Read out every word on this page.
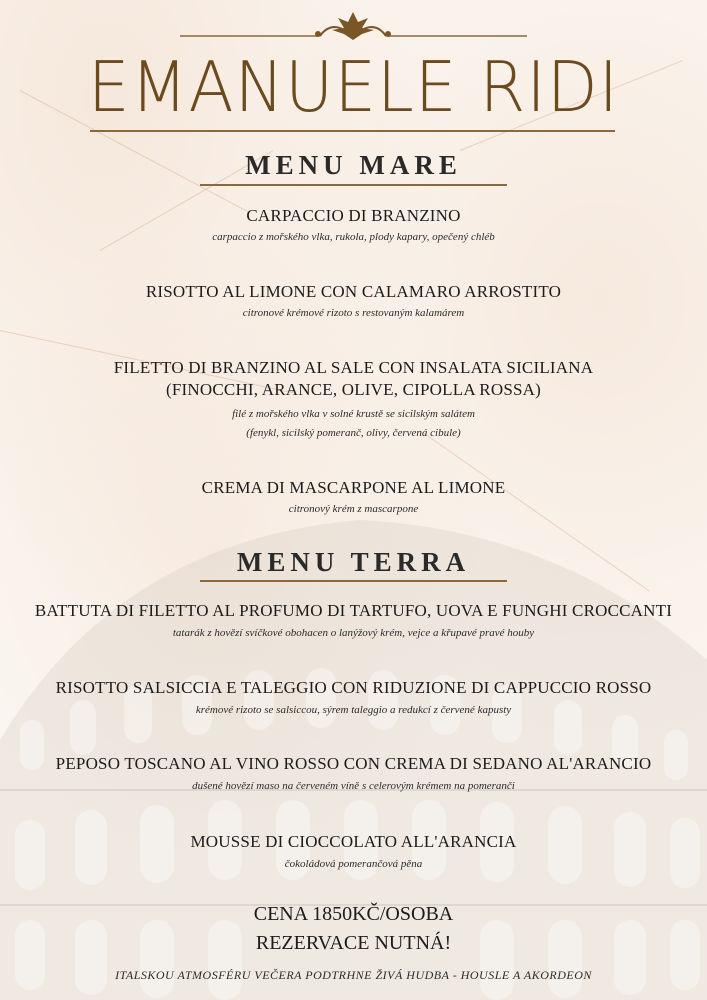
EMANUELE RIDI
MENU MARE
CARPACCIO DI BRANZINO
carpaccio z mořského vlka, rukola, plody kapary, opečený chléb
RISOTTO AL LIMONE CON CALAMARO ARROSTITO
citronové krémové rizoto s restovaným kalamárem
FILETTO DI BRANZINO AL SALE CON INSALATA SICILIANA
(FINOCCHI, ARANCE, OLIVE, CIPOLLA ROSSA)
filé z mořského vlka v solné krustě se sicilským salátem
(fenykl, sicilský pomeranč, olivy, červená cibule)
CREMA DI MASCARPONE AL LIMONE
citronový krém z mascarpone
MENU TERRA
BATTUTA DI FILETTO AL PROFUMO DI TARTUFO, UOVA E FUNGHI CROCCANTI
tatarák z hovězí svíčkové obohacen o lanýžový krém, vejce a křupavé pravé houby
RISOTTO SALSICCIA E TALEGGIO CON RIDUZIONE DI CAPPUCCIO ROSSO
krémové rizoto se salsiccou, sýrem taleggio a redukcí z červené kapusty
PEPOSO TOSCANO AL VINO ROSSO CON CREMA DI SEDANO AL'ARANCIO
dušené hovězí maso na červeném víně s celerovým krémem na pomeranči
MOUSSE DI CIOCCOLATO ALL'ARANCIA
čokoládová pomerančová pěna
CENA 1850KČ/OSOBA
REZERVACE NUTNÁ!
ITALSKOU ATMOSFÉRU VEČERA PODTRHNE ŽIVÁ HUDBA - HOUSLE A AKORDEON
